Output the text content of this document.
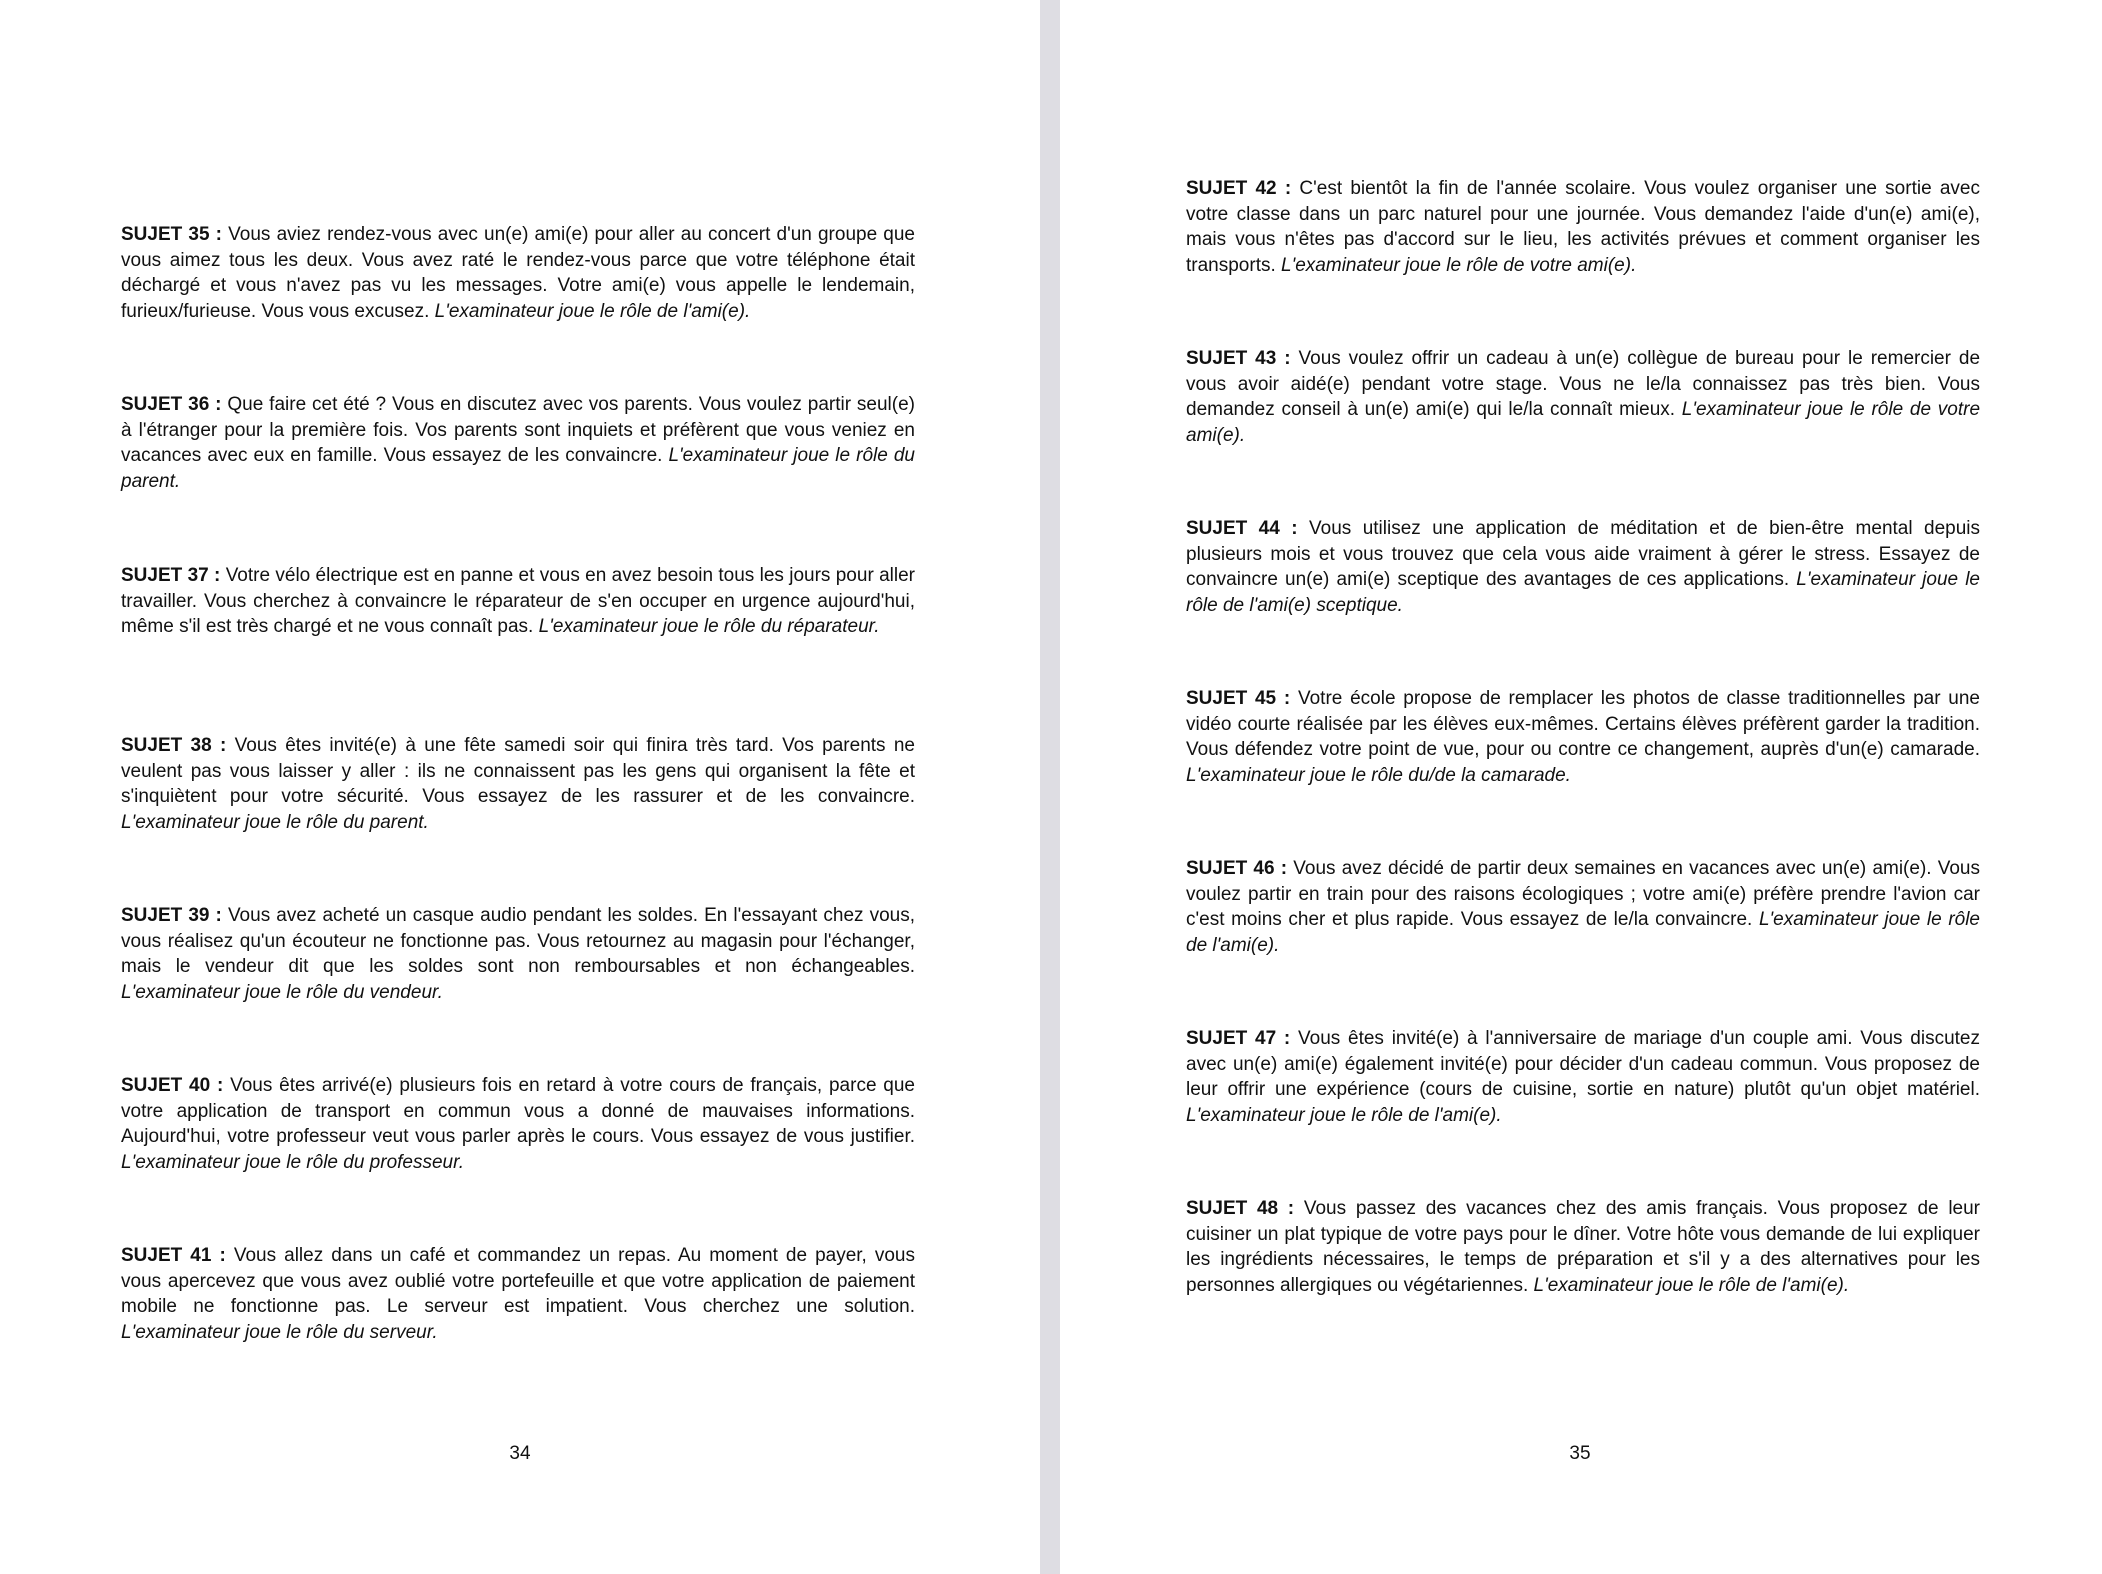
SUJET 35 : Vous aviez rendez-vous avec un(e) ami(e) pour aller au concert d'un groupe que vous aimez tous les deux. Vous avez raté le rendez-vous parce que votre téléphone était déchargé et vous n'avez pas vu les messages. Votre ami(e) vous appelle le lendemain, furieux/furieuse. Vous vous excusez. L'examinateur joue le rôle de l'ami(e).

SUJET 36 : Que faire cet été ? Vous en discutez avec vos parents. Vous voulez partir seul(e) à l'étranger pour la première fois. Vos parents sont inquiets et préfèrent que vous veniez en vacances avec eux en famille. Vous essayez de les convaincre. L'examinateur joue le rôle du parent.

SUJET 37 : Votre vélo électrique est en panne et vous en avez besoin tous les jours pour aller travailler. Vous cherchez à convaincre le réparateur de s'en occuper en urgence aujourd'hui, même s'il est très chargé et ne vous connaît pas. L'examinateur joue le rôle du réparateur.

SUJET 38 : Vous êtes invité(e) à une fête samedi soir qui finira très tard. Vos parents ne veulent pas vous laisser y aller : ils ne connaissent pas les gens qui organisent la fête et s'inquiètent pour votre sécurité. Vous essayez de les rassurer et de les convaincre. L'examinateur joue le rôle du parent.

SUJET 39 : Vous avez acheté un casque audio pendant les soldes. En l'essayant chez vous, vous réalisez qu'un écouteur ne fonctionne pas. Vous retournez au magasin pour l'échanger, mais le vendeur dit que les soldes sont non remboursables et non échangeables. L'examinateur joue le rôle du vendeur.

SUJET 40 : Vous êtes arrivé(e) plusieurs fois en retard à votre cours de français, parce que votre application de transport en commun vous a donné de mauvaises informations. Aujourd'hui, votre professeur veut vous parler après le cours. Vous essayez de vous justifier. L'examinateur joue le rôle du professeur.

SUJET 41 : Vous allez dans un café et commandez un repas. Au moment de payer, vous vous apercevez que vous avez oublié votre portefeuille et que votre application de paiement mobile ne fonctionne pas. Le serveur est impatient. Vous cherchez une solution. L'examinateur joue le rôle du serveur.

34

SUJET 42 : C'est bientôt la fin de l'année scolaire. Vous voulez organiser une sortie avec votre classe dans un parc naturel pour une journée. Vous demandez l'aide d'un(e) ami(e), mais vous n'êtes pas d'accord sur le lieu, les activités prévues et comment organiser les transports. L'examinateur joue le rôle de votre ami(e).

SUJET 43 : Vous voulez offrir un cadeau à un(e) collègue de bureau pour le remercier de vous avoir aidé(e) pendant votre stage. Vous ne le/la connaissez pas très bien. Vous demandez conseil à un(e) ami(e) qui le/la connaît mieux. L'examinateur joue le rôle de votre ami(e).

SUJET 44 : Vous utilisez une application de méditation et de bien-être mental depuis plusieurs mois et vous trouvez que cela vous aide vraiment à gérer le stress. Essayez de convaincre un(e) ami(e) sceptique des avantages de ces applications. L'examinateur joue le rôle de l'ami(e) sceptique.

SUJET 45 : Votre école propose de remplacer les photos de classe traditionnelles par une vidéo courte réalisée par les élèves eux-mêmes. Certains élèves préfèrent garder la tradition. Vous défendez votre point de vue, pour ou contre ce changement, auprès d'un(e) camarade. L'examinateur joue le rôle du/de la camarade.

SUJET 46 : Vous avez décidé de partir deux semaines en vacances avec un(e) ami(e). Vous voulez partir en train pour des raisons écologiques ; votre ami(e) préfère prendre l'avion car c'est moins cher et plus rapide. Vous essayez de le/la convaincre. L'examinateur joue le rôle de l'ami(e).

SUJET 47 : Vous êtes invité(e) à l'anniversaire de mariage d'un couple ami. Vous discutez avec un(e) ami(e) également invité(e) pour décider d'un cadeau commun. Vous proposez de leur offrir une expérience (cours de cuisine, sortie en nature) plutôt qu'un objet matériel. L'examinateur joue le rôle de l'ami(e).

SUJET 48 : Vous passez des vacances chez des amis français. Vous proposez de leur cuisiner un plat typique de votre pays pour le dîner. Votre hôte vous demande de lui expliquer les ingrédients nécessaires, le temps de préparation et s'il y a des alternatives pour les personnes allergiques ou végétariennes. L'examinateur joue le rôle de l'ami(e).

35
